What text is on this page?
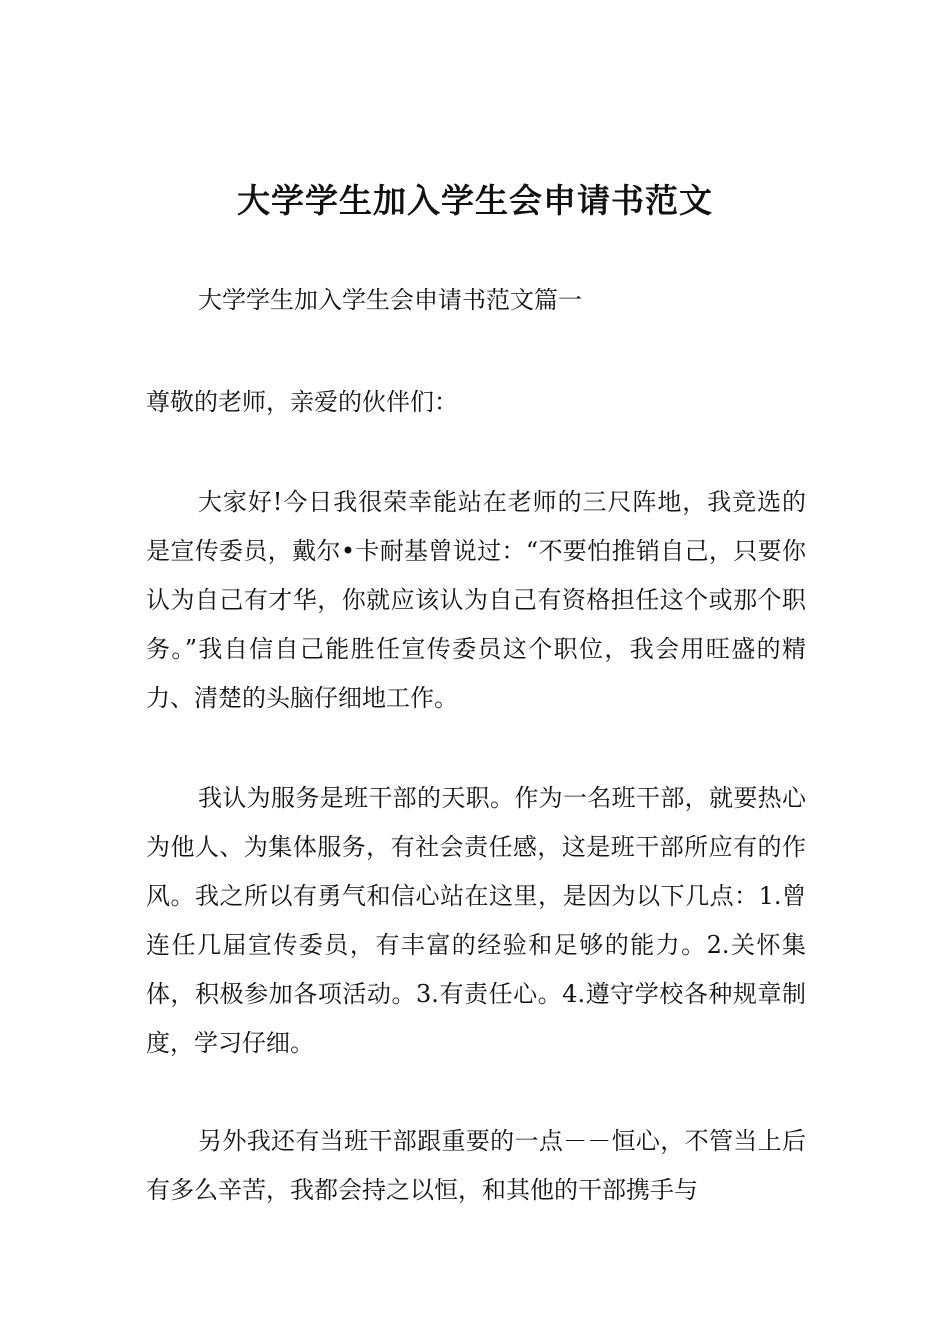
大学学生加入学生会申请书范文

大学学生加入学生会申请书范文篇一

尊敬的老师，亲爱的伙伴们：

大家好!今日我很荣幸能站在老师的三尺阵地，我竞选的是宣传委员，戴尔•卡耐基曾说过：“不要怕推销自己，只要你认为自己有才华，你就应该认为自己有资格担任这个或那个职务。”我自信自己能胜任宣传委员这个职位，我会用旺盛的精力、清楚的头脑仔细地工作。

我认为服务是班干部的天职。作为一名班干部，就要热心为他人、为集体服务，有社会责任感，这是班干部所应有的作风。我之所以有勇气和信心站在这里，是因为以下几点：1.曾连任几届宣传委员，有丰富的经验和足够的能力。2.关怀集体，积极参加各项活动。3.有责任心。4.遵守学校各种规章制度，学习仔细。

另外我还有当班干部跟重要的一点－－恒心，不管当上后有多么辛苦，我都会持之以恒，和其他的干部携手与
